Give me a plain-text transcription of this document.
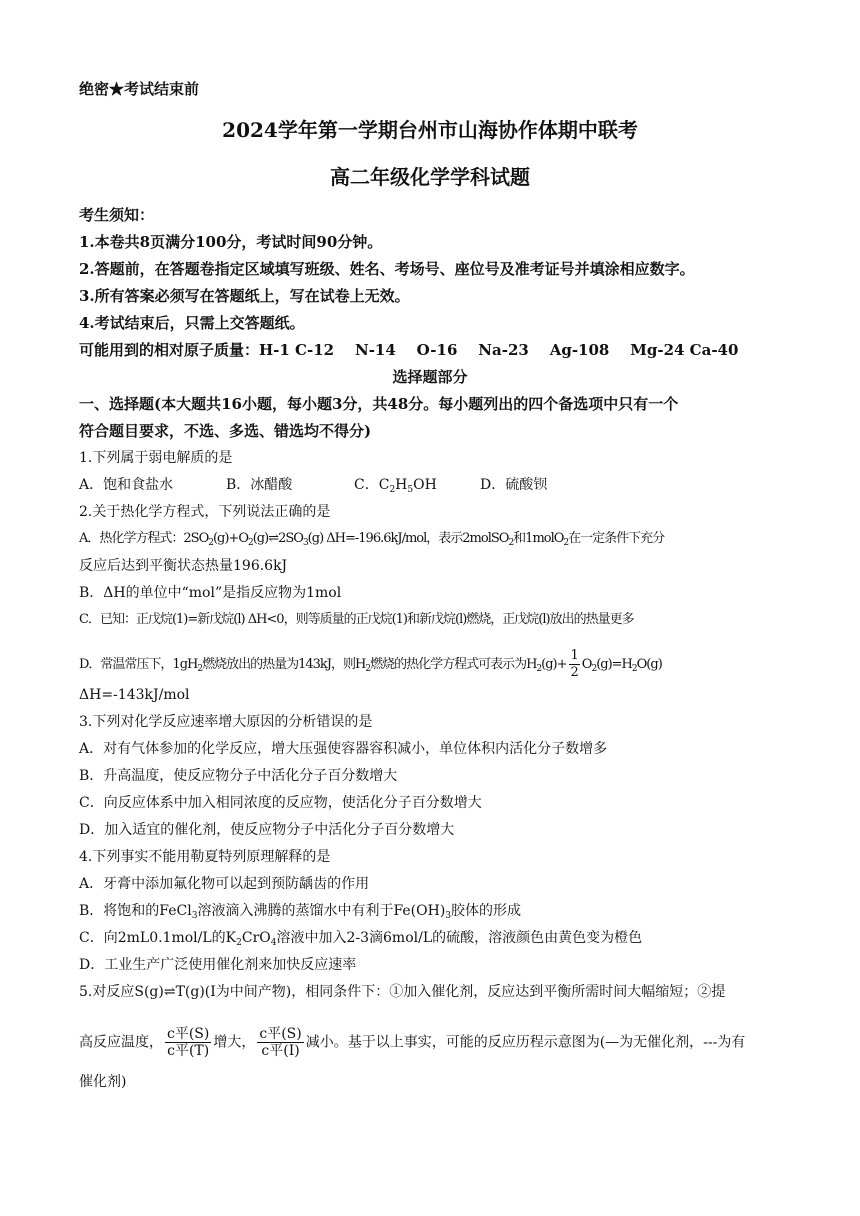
绝密★考试结束前
2024学年第一学期台州市山海协作体期中联考
高二年级化学学科试题
考生须知：
1.本卷共8页满分100分，考试时间90分钟。
2.答题前，在答题卷指定区域填写班级、姓名、考场号、座位号及准考证号并填涂相应数字。
3.所有答案必须写在答题纸上，写在试卷上无效。
4.考试结束后，只需上交答题纸。
可能用到的相对原子质量：H-1 C-12    N-14    O-16    Na-23    Ag-108    Mg-24 Ca-40
选择题部分
一、选择题(本大题共16小题，每小题3分，共48分。每小题列出的四个备选项中只有一个
符合题目要求，不选、多选、错选均不得分)
1.下列属于弱电解质的是
A．饱和食盐水	B．冰醋酸	C．$C_2H_5OH$	D．硫酸钡
2.关于热化学方程式，下列说法正确的是
A．热化学方程式：$2SO_2(g)+O_2(g)\rightleftharpoons 2SO_3(g)$ ΔH=-196.6kJ/mol，表示2molSO$_2$和1molO$_2$在一定条件下充分
反应后达到平衡状态热量196.6kJ
B．ΔH的单位中“mol”是指反应物为1mol
C．已知：正戊烷(1)=新戊烷(l) ΔH<0，则等质量的正戊烷(1)和新戊烷(l)燃烧，正戊烷(l)放出的热量更多
D．常温常压下，$1gH_2$燃烧放出的热量为143kJ，则$H_2$燃烧的热化学方程式可表示为$H_2(g)+ \frac{1}{2} O_2(g)=H_2O(g)$
ΔH=-143kJ/mol
3.下列对化学反应速率增大原因的分析错误的是
A．对有气体参加的化学反应，增大压强使容器容积减小，单位体积内活化分子数增多
B．升高温度，使反应物分子中活化分子百分数增大
C．向反应体系中加入相同浓度的反应物，使活化分子百分数增大
D．加入适宜的催化剂，使反应物分子中活化分子百分数增大
4.下列事实不能用勒夏特列原理解释的是
A．牙膏中添加氟化物可以起到预防龋齿的作用
B．将饱和的FeCl$_3$溶液滴入沸腾的蒸馏水中有利于$Fe(OH)_3$胶体的形成
C．向2mL0.1mol/L的$K_2CrO_4$溶液中加入2-3滴6mol/L的硫酸，溶液颜色由黄色变为橙色
D．工业生产广泛使用催化剂来加快反应速率
5.对反应S(g)⇌T(g)(I为中间产物)，相同条件下：①加入催化剂，反应达到平衡所需时间大幅缩短；②提
高反应温度， $\frac{\text{c平(S)}}{\text{c平(T)}}$ 增大， $\frac{\text{c平(S)}}{\text{c平(I)}}$ 减小。基于以上事实，可能的反应历程示意图为(—为无催化剂，---为有
催化剂)
